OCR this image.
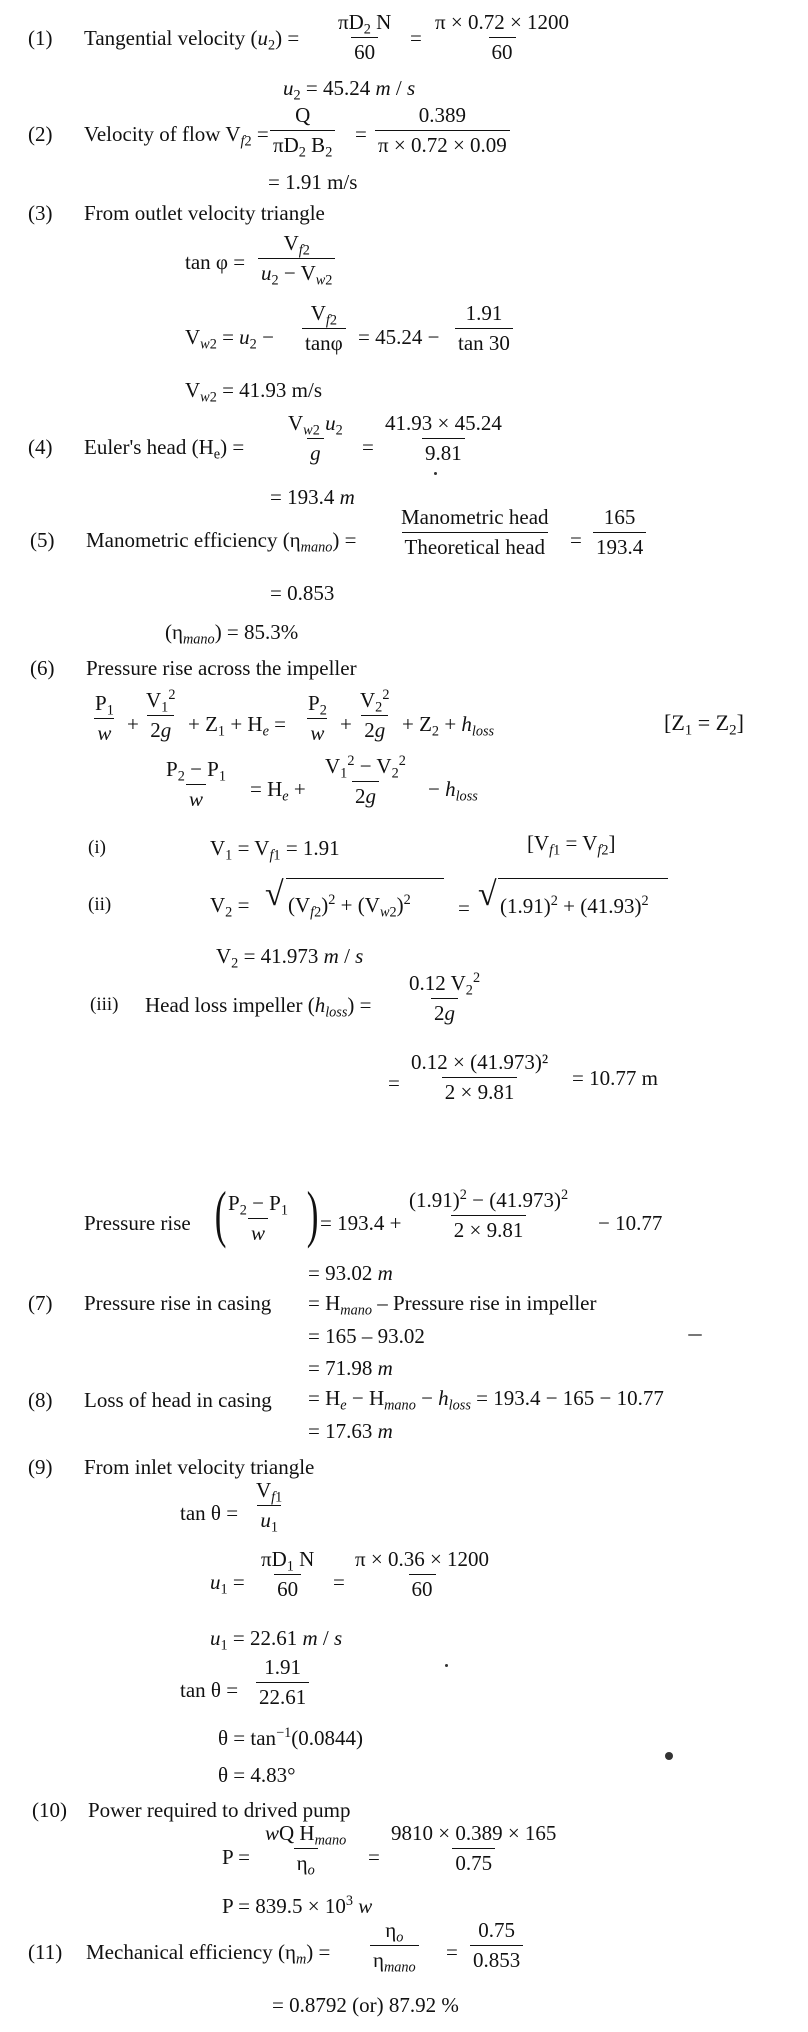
(1) Tangential velocity $(u_2) = \frac{\pi D_2 N}{60} = \frac{\pi \times 0.72 \times 1200}{60}$
$u_2 = 45.24$ m / s
(2) Velocity of flow $V_{f2} = \frac{Q}{\pi D_2 B_2} = \frac{0.389}{\pi \times 0.72 \times 0.09}$
= 1.91 m/s
(3) From outlet velocity triangle
$\tan \varphi = \frac{V_{f2}}{u_2 - V_{w2}}$
$V_{w2} = u_2 - \frac{V_{f2}}{\tan\varphi} = 45.24 - \frac{1.91}{\tan 30}$
$V_{w2} = 41.93$ m/s
(4) Euler's head $(H_e) = \frac{V_{w2} u_2}{g} = \frac{41.93 \times 45.24}{9.81}$
= 193.4 m
(5) Manometric efficiency $(\eta_{mano})$ =
Manometric head
Theoretical head = $\frac{165}{193.4}$
= 0.853
$(\eta_{mano}) = 85.3\%$
(6) Pressure rise across the impeller
$\frac{P_1}{w} + \frac{V_1^2}{2g} + Z_1 + H_e = \frac{P_2}{w} + \frac{V_2^2}{2g} + Z_2 + h_{loss}$	$[Z_1 = Z_2]$
$\frac{P_2 - P_1}{w} = H_e + \frac{V_1^2 - V_2^2}{2g} - h_{loss}$
(i)	$V_1 = V_{f1} = 1.91$	$[V_{f1} = V_{f2}]$
(ii)	$V_2$ = √ $(V_{f2})^2 + (V_{w2})^2$ = √ $(1.91)^2 + (41.93)^2$
$V_2 = 41.973$ m / s
(iii) Head loss impeller $(h_{loss}) = \frac{0.12 V_2^2}{2g}$
= $\frac{\text{0.12 × (41.973)²}}{2 \times 9.81} = 10.77$ m
Pressure rise (
$\frac{P_2 - P_1}{w}$ ) = $193.4 + \frac{(1.91)^2 - (41.973)^2}{2 \times 9.81} - 10.77$
= 93.02 m
(7) Pressure rise in $casing = H_{mano}$ – Pressure rise in impeller
= 165 – 93.02
= 71.98 m
(8) Loss of head in $casing = H_e - H_{mano} - h_{loss} = 193.4 - 165 - 10.77$
= 17.63 m
(9) From inlet velocity triangle
$\tan \theta = \frac{V_{f1}}{u_1}$
$u_1 = \frac{\pi D_1 N}{60} = \frac{\pi \times 0.36 \times 1200}{60}$
$u_1 = 22.61$ m / s
$\tan \theta = \frac{1.91}{22.61}$
$\theta = \tan^{-1}(0.0844)$
θ = 4.83°
(10) Power required to drived pump
P =
wQ $H_{mano}$
$\eta_o$
= $\frac{9810 \times 0.389 \times 165}{0.75}$
$P = 839.5 \times 10^3$ w
(11) Mechanical efficiency $(\eta_m)$ =
$\eta_o$
$\eta_{mano}$
= $\frac{0.75}{0.853}$
= 0.8792 (or) 87.92 %
